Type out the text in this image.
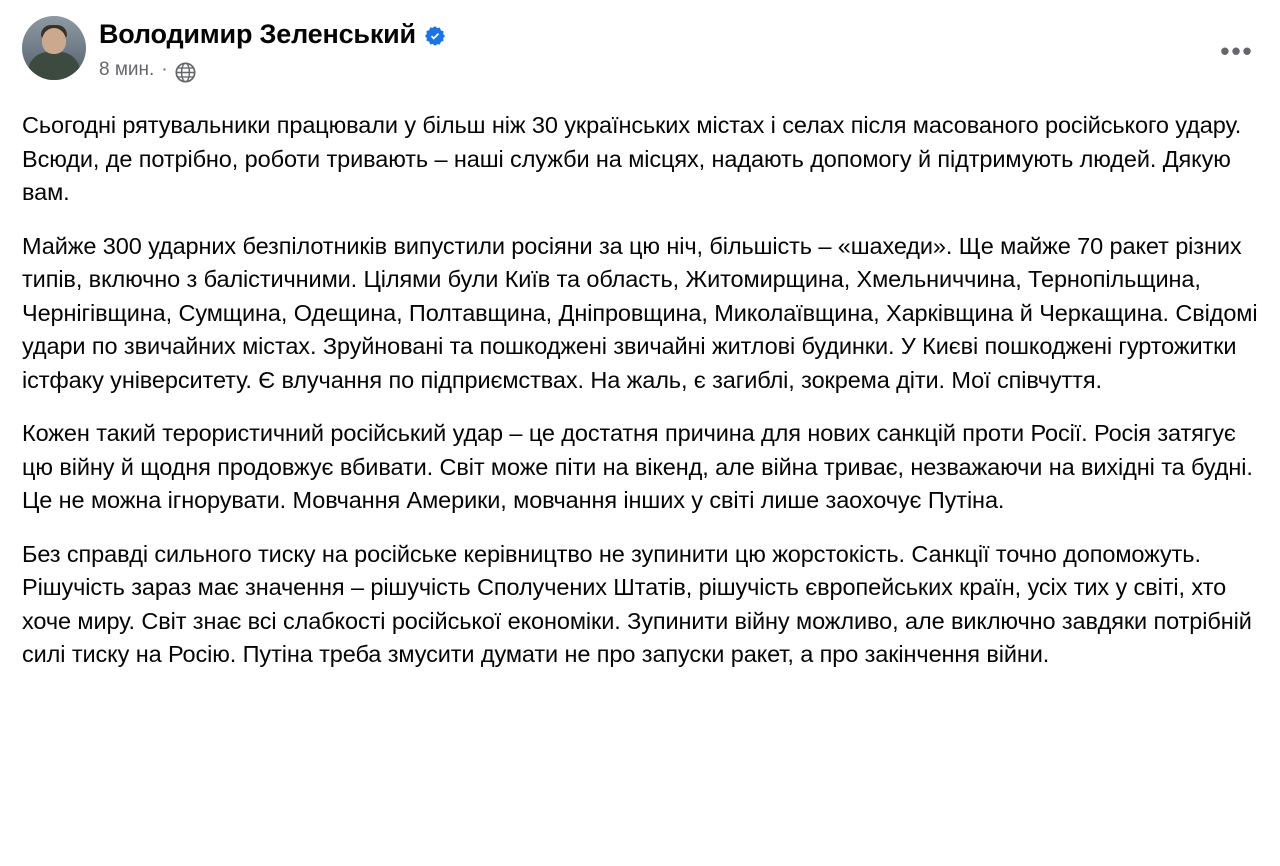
Володимир Зеленський
8 мин. ·
•••

Сьогодні рятувальники працювали у більш ніж 30 українських містах і селах після масованого російського удару. Всюди, де потрібно, роботи тривають – наші служби на місцях, надають допомогу й підтримують людей. Дякую вам.

Майже 300 ударних безпілотників випустили росіяни за цю ніч, більшість – «шахеди». Ще майже 70 ракет різних типів, включно з балістичними. Цілями були Київ та область, Житомирщина, Хмельниччина, Тернопільщина, Чернігівщина, Сумщина, Одещина, Полтавщина, Дніпровщина, Миколаївщина, Харківщина й Черкащина. Свідомі удари по звичайних містах. Зруйновані та пошкоджені звичайні житлові будинки. У Києві пошкоджені гуртожитки істфаку університету. Є влучання по підприємствах. На жаль, є загиблі, зокрема діти. Мої співчуття.

Кожен такий терористичний російський удар – це достатня причина для нових санкцій проти Росії. Росія затягує цю війну й щодня продовжує вбивати. Світ може піти на вікенд, але війна триває, незважаючи на вихідні та будні. Це не можна ігнорувати. Мовчання Америки, мовчання інших у світі лише заохочує Путіна.

Без справді сильного тиску на російське керівництво не зупинити цю жорстокість. Санкції точно допоможуть. Рішучість зараз має значення – рішучість Сполучених Штатів, рішучість європейських країн, усіх тих у світі, хто хоче миру. Світ знає всі слабкості російської економіки. Зупинити війну можливо, але виключно завдяки потрібній силі тиску на Росію. Путіна треба змусити думати не про запуски ракет, а про закінчення війни.
